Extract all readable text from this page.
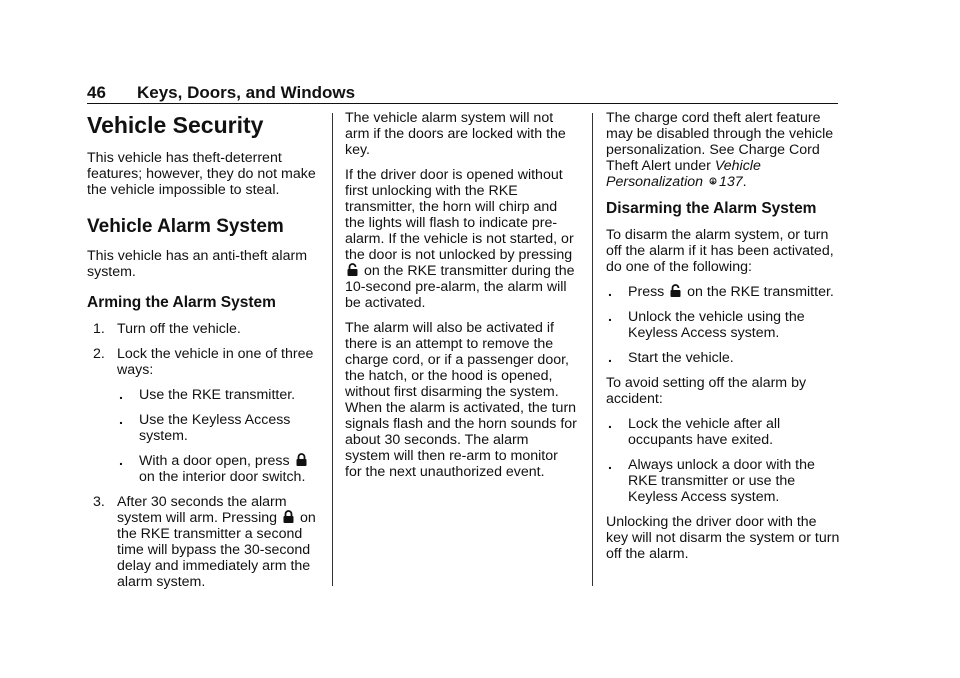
46 Keys, Doors, and Windows
Vehicle Security

This vehicle has theft-deterrent features; however, they do not make the vehicle impossible to steal.

Vehicle Alarm System

This vehicle has an anti-theft alarm system.

Arming the Alarm System
1. Turn off the vehicle.
2. Lock the vehicle in one of three ways:
. Use the RKE transmitter.
. Use the Keyless Access system.
. With a door open, press
on the interior door switch.
3. After 30 seconds the alarm system will arm. Pressing on the RKE transmitter a second time will bypass the 30-second delay and immediately arm the alarm system.

The vehicle alarm system will not arm if the doors are locked with the key.

If the driver door is opened without first unlocking with the RKE transmitter, the horn will chirp and the lights will flash to indicate pre-alarm. If the vehicle is not started, or the door is not unlocked by pressing
on the RKE transmitter during the 10-second pre-alarm, the alarm will be activated.

The alarm will also be activated if there is an attempt to remove the charge cord, or if a passenger door, the hatch, or the hood is opened, without first disarming the system. When the alarm is activated, the turn signals flash and the horn sounds for about 30 seconds. The alarm system will then re-arm to monitor for the next unauthorized event.

The charge cord theft alert feature may be disabled through the vehicle personalization. See Charge Cord Theft Alert under Vehicle Personalization 137.

Disarming the Alarm System

To disarm the alarm system, or turn off the alarm if it has been activated, do one of the following:

. Press on the RKE transmitter.
. Unlock the vehicle using the Keyless Access system.
. Start the vehicle.

To avoid setting off the alarm by accident:

. Lock the vehicle after all occupants have exited.
. Always unlock a door with the RKE transmitter or use the Keyless Access system.

Unlocking the driver door with the key will not disarm the system or turn off the alarm.
